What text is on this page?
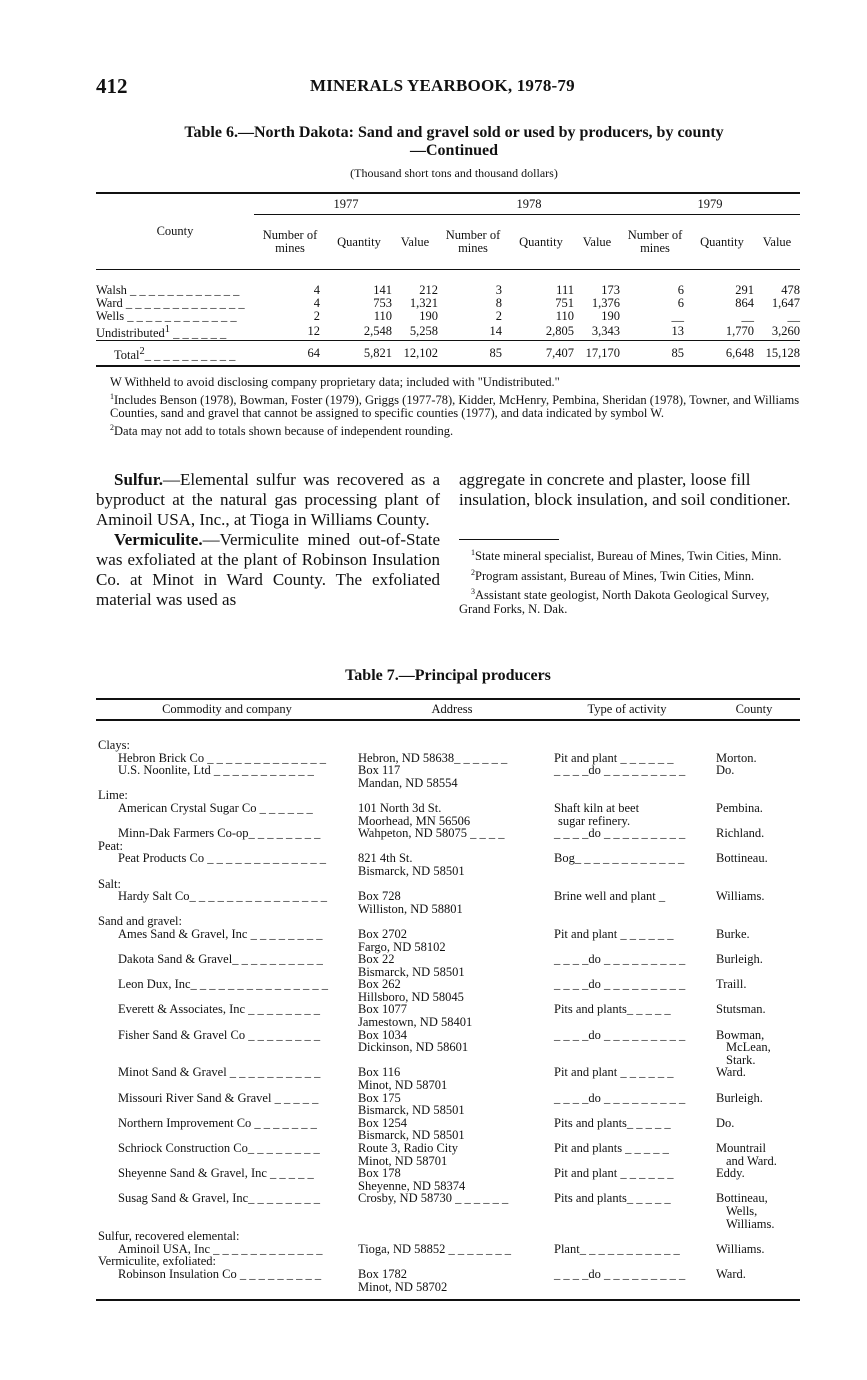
412	MINERALS YEARBOOK, 1978-79
Table 6.—North Dakota: Sand and gravel sold or used by producers, by county
—Continued
(Thousand short tons and thousand dollars)
County	1977			1978			1979		
	Number of mines	Quantity	Value	Number of mines	Quantity	Value	Number of mines	Quantity	Value
Walsh _ _ _ _ _ _ _ _ _ _ _ _	4	141	212	3	111	173	6	291	478
Ward _ _ _ _ _ _ _ _ _ _ _ _ _	4	753	1,321	8	751	1,376	6	864	1,647
Wells _ _ _ _ _ _ _ _ _ _ _ _	2	110	190	2	110	190	__	__	__
Undistributed$^1$ _ _ _ _ _ _	12	2,548	5,258	14	2,805	3,343	13	1,770	3,260
Total$^2$_ _ _ _ _ _ _ _ _ _	64	5,821	12,102	85	7,407	17,170	85	6,648	15,128

W Withheld to avoid disclosing company proprietary data; included with "Undistributed."

$^1$Includes Benson (1978), Bowman, Foster (1979), Griggs (1977-78), Kidder, McHenry, Pembina, Sheridan (1978), Towner, and Williams Counties, sand and gravel that cannot be assigned to specific counties (1977), and data indicated by symbol W.

$^2$Data may not add to totals shown because of independent rounding.

Sulfur.—Elemental sulfur was recovered as a byproduct at the natural gas processing plant of Aminoil USA, Inc., at Tioga in Williams County.

Vermiculite.—Vermiculite mined out-of-State was exfoliated at the plant of Robinson Insulation Co. at Minot in Ward County. The exfoliated material was used as

aggregate in concrete and plaster, loose fill insulation, block insulation, and soil conditioner.

$^1$State mineral specialist, Bureau of Mines, Twin Cities, Minn.

$^2$Program assistant, Bureau of Mines, Twin Cities, Minn.

$^3$Assistant state geologist, North Dakota Geological Survey, Grand Forks, N. Dak.

Table 7.—Principal producers
Commodity and company	Address	Type of activity	County

Clays:			
Hebron Brick Co _ _ _ _ _ _ _ _ _ _ _ _ _	Hebron, ND 58638_ _ _ _ _ _	Pit and plant _ _ _ _ _ _	Morton.

U.S. Noonlite, Ltd _ _ _ _ _ _ _ _ _ _ _	Box 117
Mandan, ND 58554	_ _ _ _do _ _ _ _ _ _ _ _ _	Do.

Lime:			
American Crystal Sugar Co _ _ _ _ _ _	101 North 3d St.
Moorhead, MN 56506	Shaft kiln at beet
sugar refinery.	Pembina.

Minn-Dak Farmers Co-op_ _ _ _ _ _ _ _	Wahpeton, ND 58075 _ _ _ _	_ _ _ _do _ _ _ _ _ _ _ _ _	Richland.

Peat:			
Peat Products Co _ _ _ _ _ _ _ _ _ _ _ _ _	821 4th St.
Bismarck, ND 58501	Bog_ _ _ _ _ _ _ _ _ _ _ _	Bottineau.

Salt:			
Hardy Salt Co_ _ _ _ _ _ _ _ _ _ _ _ _ _ _	Box 728
Williston, ND 58801	Brine well and plant _	Williams.

Sand and gravel:			
Ames Sand & Gravel, Inc _ _ _ _ _ _ _ _	Box 2702
Fargo, ND 58102	Pit and plant _ _ _ _ _ _	Burke.

Dakota Sand & Gravel_ _ _ _ _ _ _ _ _ _	Box 22
Bismarck, ND 58501	_ _ _ _do _ _ _ _ _ _ _ _ _	Burleigh.

Leon Dux, Inc_ _ _ _ _ _ _ _ _ _ _ _ _ _ _	Box 262
Hillsboro, ND 58045	_ _ _ _do _ _ _ _ _ _ _ _ _	Traill.

Everett & Associates, Inc _ _ _ _ _ _ _ _	Box 1077
Jamestown, ND 58401	Pits and plants_ _ _ _ _	Stutsman.

Fisher Sand & Gravel Co _ _ _ _ _ _ _ _	Box 1034
Dickinson, ND 58601	_ _ _ _do _ _ _ _ _ _ _ _ _	Bowman,
McLean,
Stark.

Minot Sand & Gravel _ _ _ _ _ _ _ _ _ _	Box 116
Minot, ND 58701	Pit and plant _ _ _ _ _ _	Ward.

Missouri River Sand & Gravel _ _ _ _ _	Box 175
Bismarck, ND 58501	_ _ _ _do _ _ _ _ _ _ _ _ _	Burleigh.

Northern Improvement Co _ _ _ _ _ _ _	Box 1254
Bismarck, ND 58501	Pits and plants_ _ _ _ _	Do.

Schriock Construction Co_ _ _ _ _ _ _ _	Route 3, Radio City
Minot, ND 58701	Pit and plants _ _ _ _ _	Mountrail
and Ward.

Sheyenne Sand & Gravel, Inc _ _ _ _ _	Box 178
Sheyenne, ND 58374	Pit and plant _ _ _ _ _ _	Eddy.

Susag Sand & Gravel, Inc_ _ _ _ _ _ _ _	Crosby, ND 58730 _ _ _ _ _ _	Pits and plants_ _ _ _ _	Bottineau,
Wells,
Williams.

Sulfur, recovered elemental:			
Aminoil USA, Inc _ _ _ _ _ _ _ _ _ _ _ _	Tioga, ND 58852 _ _ _ _ _ _ _	Plant_ _ _ _ _ _ _ _ _ _ _	Williams.

Vermiculite, exfoliated:			
Robinson Insulation Co _ _ _ _ _ _ _ _ _	Box 1782
Minot, ND 58702	_ _ _ _do _ _ _ _ _ _ _ _ _	Ward.
